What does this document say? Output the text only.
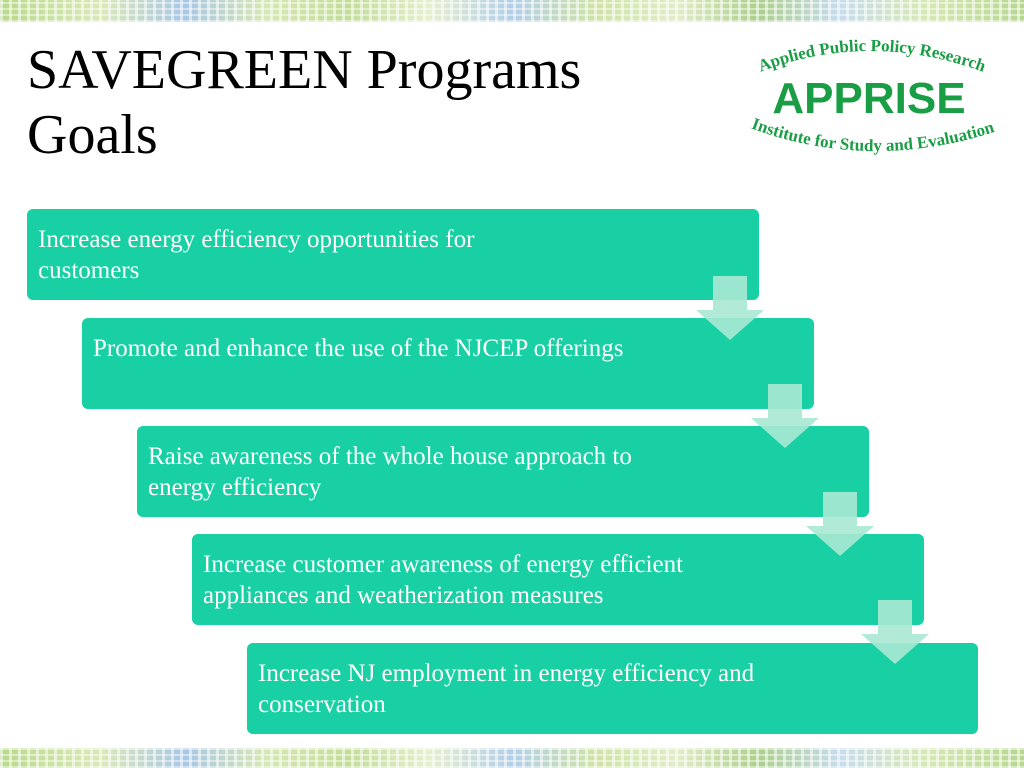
SAVEGREEN Programs
Goals
Applied Public Policy Research
APPRISE
Institute for Study and Evaluation
Increase energy efficiency opportunities for customers
Promote and enhance the use of the NJCEP offerings
Raise awareness of the whole house approach to energy efficiency
Increase customer awareness of energy efficient appliances and weatherization measures
Increase NJ employment in energy efficiency and conservation
